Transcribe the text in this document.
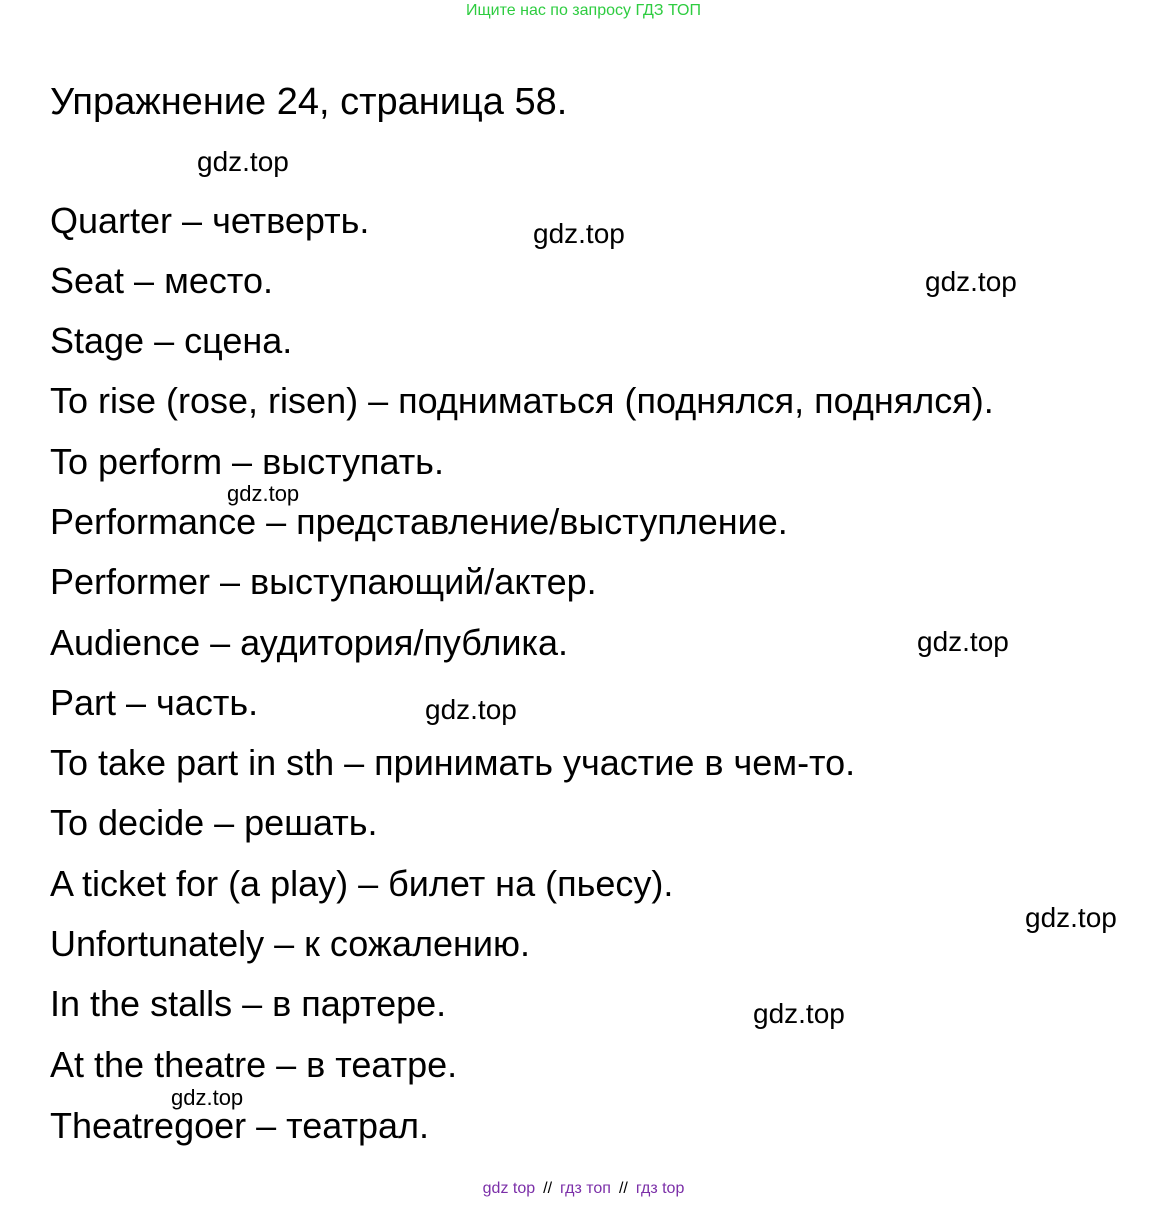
Ищите нас по запросу ГДЗ ТОП
Упражнение 24, страница 58.
Quarter – четверть.
Seat – место.
Stage – сцена.
To rise (rose, risen) – подниматься (поднялся, поднялся).
To perform – выступать.
Performance – представление/выступление.
Performer – выступающий/актер.
Audience – аудитория/публика.
Part – часть.
To take part in sth – принимать участие в чем-то.
To decide – решать.
A ticket for (a play) – билет на (пьесу).
Unfortunately – к сожалению.
In the stalls – в партере.
At the theatre – в театре.
Theatregoer – театрал.
gdz.top
gdz.top
gdz.top
gdz.top
gdz.top
gdz.top
gdz.top
gdz.top
gdz.top
gdz top // гдз топ // гдз top
